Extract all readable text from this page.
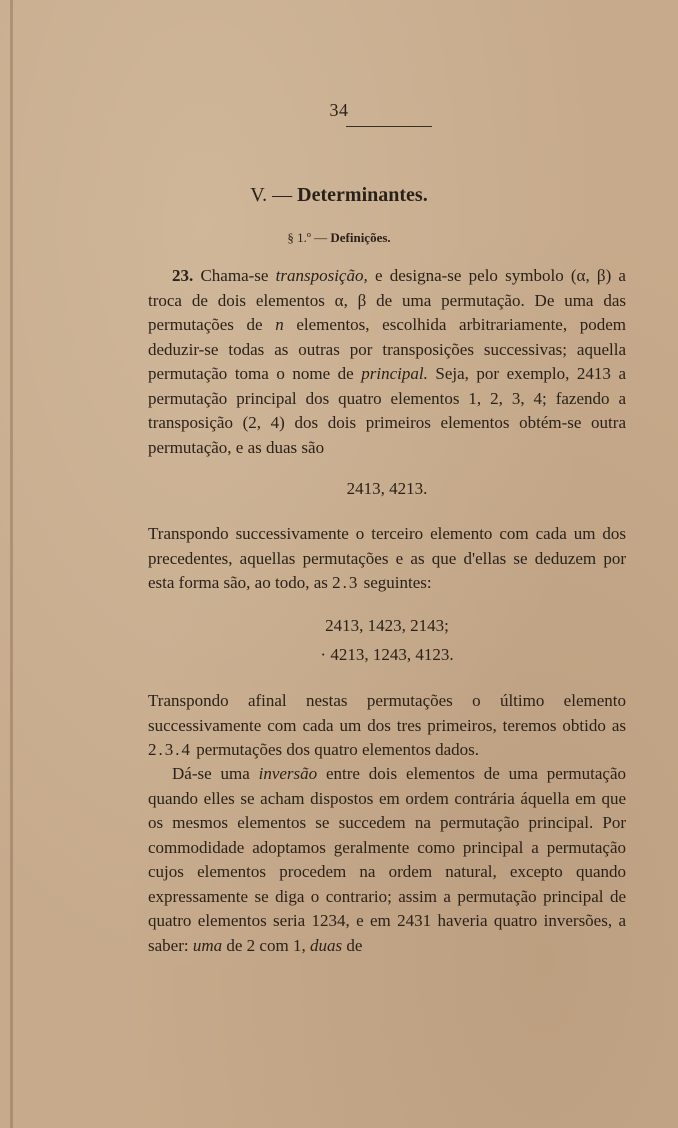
34
V. — Determinantes.
§ 1.º — Definições.

23. Chama-se transposição, e designa-se pelo symbolo (α, β) a troca de dois elementos α, β de uma permutação. De uma das permutações de n elementos, escolhida arbitrariamente, podem deduzir-se todas as outras por transposições successivas; aquella permutação toma o nome de principal. Seja, por exemplo, 2413 a permutação principal dos quatro elementos 1, 2, 3, 4; fazendo a transposição (2, 4) dos dois primeiros elementos obtém-se outra permutação, e as duas são

2413, 4213.

Transpondo successivamente o terceiro elemento com cada um dos precedentes, aquellas permutações e as que d'ellas se deduzem por esta forma são, ao todo, as 2.3 seguintes:

2413, 1423, 2143;
· 4213, 1243, 4123.

Transpondo afinal nestas permutações o último elemento successivamente com cada um dos tres primeiros, teremos obtido as 2.3.4 permutações dos quatro elementos dados.

Dá-se uma inversão entre dois elementos de uma permutação quando elles se acham dispostos em ordem contrária áquella em que os mesmos elementos se succedem na permutação principal. Por commodidade adoptamos geralmente como principal a permutação cujos elementos procedem na ordem natural, excepto quando expressamente se diga o contrario; assim a permutação principal de quatro elementos seria 1234, e em 2431 haveria quatro inversões, a saber: uma de 2 com 1, duas de
